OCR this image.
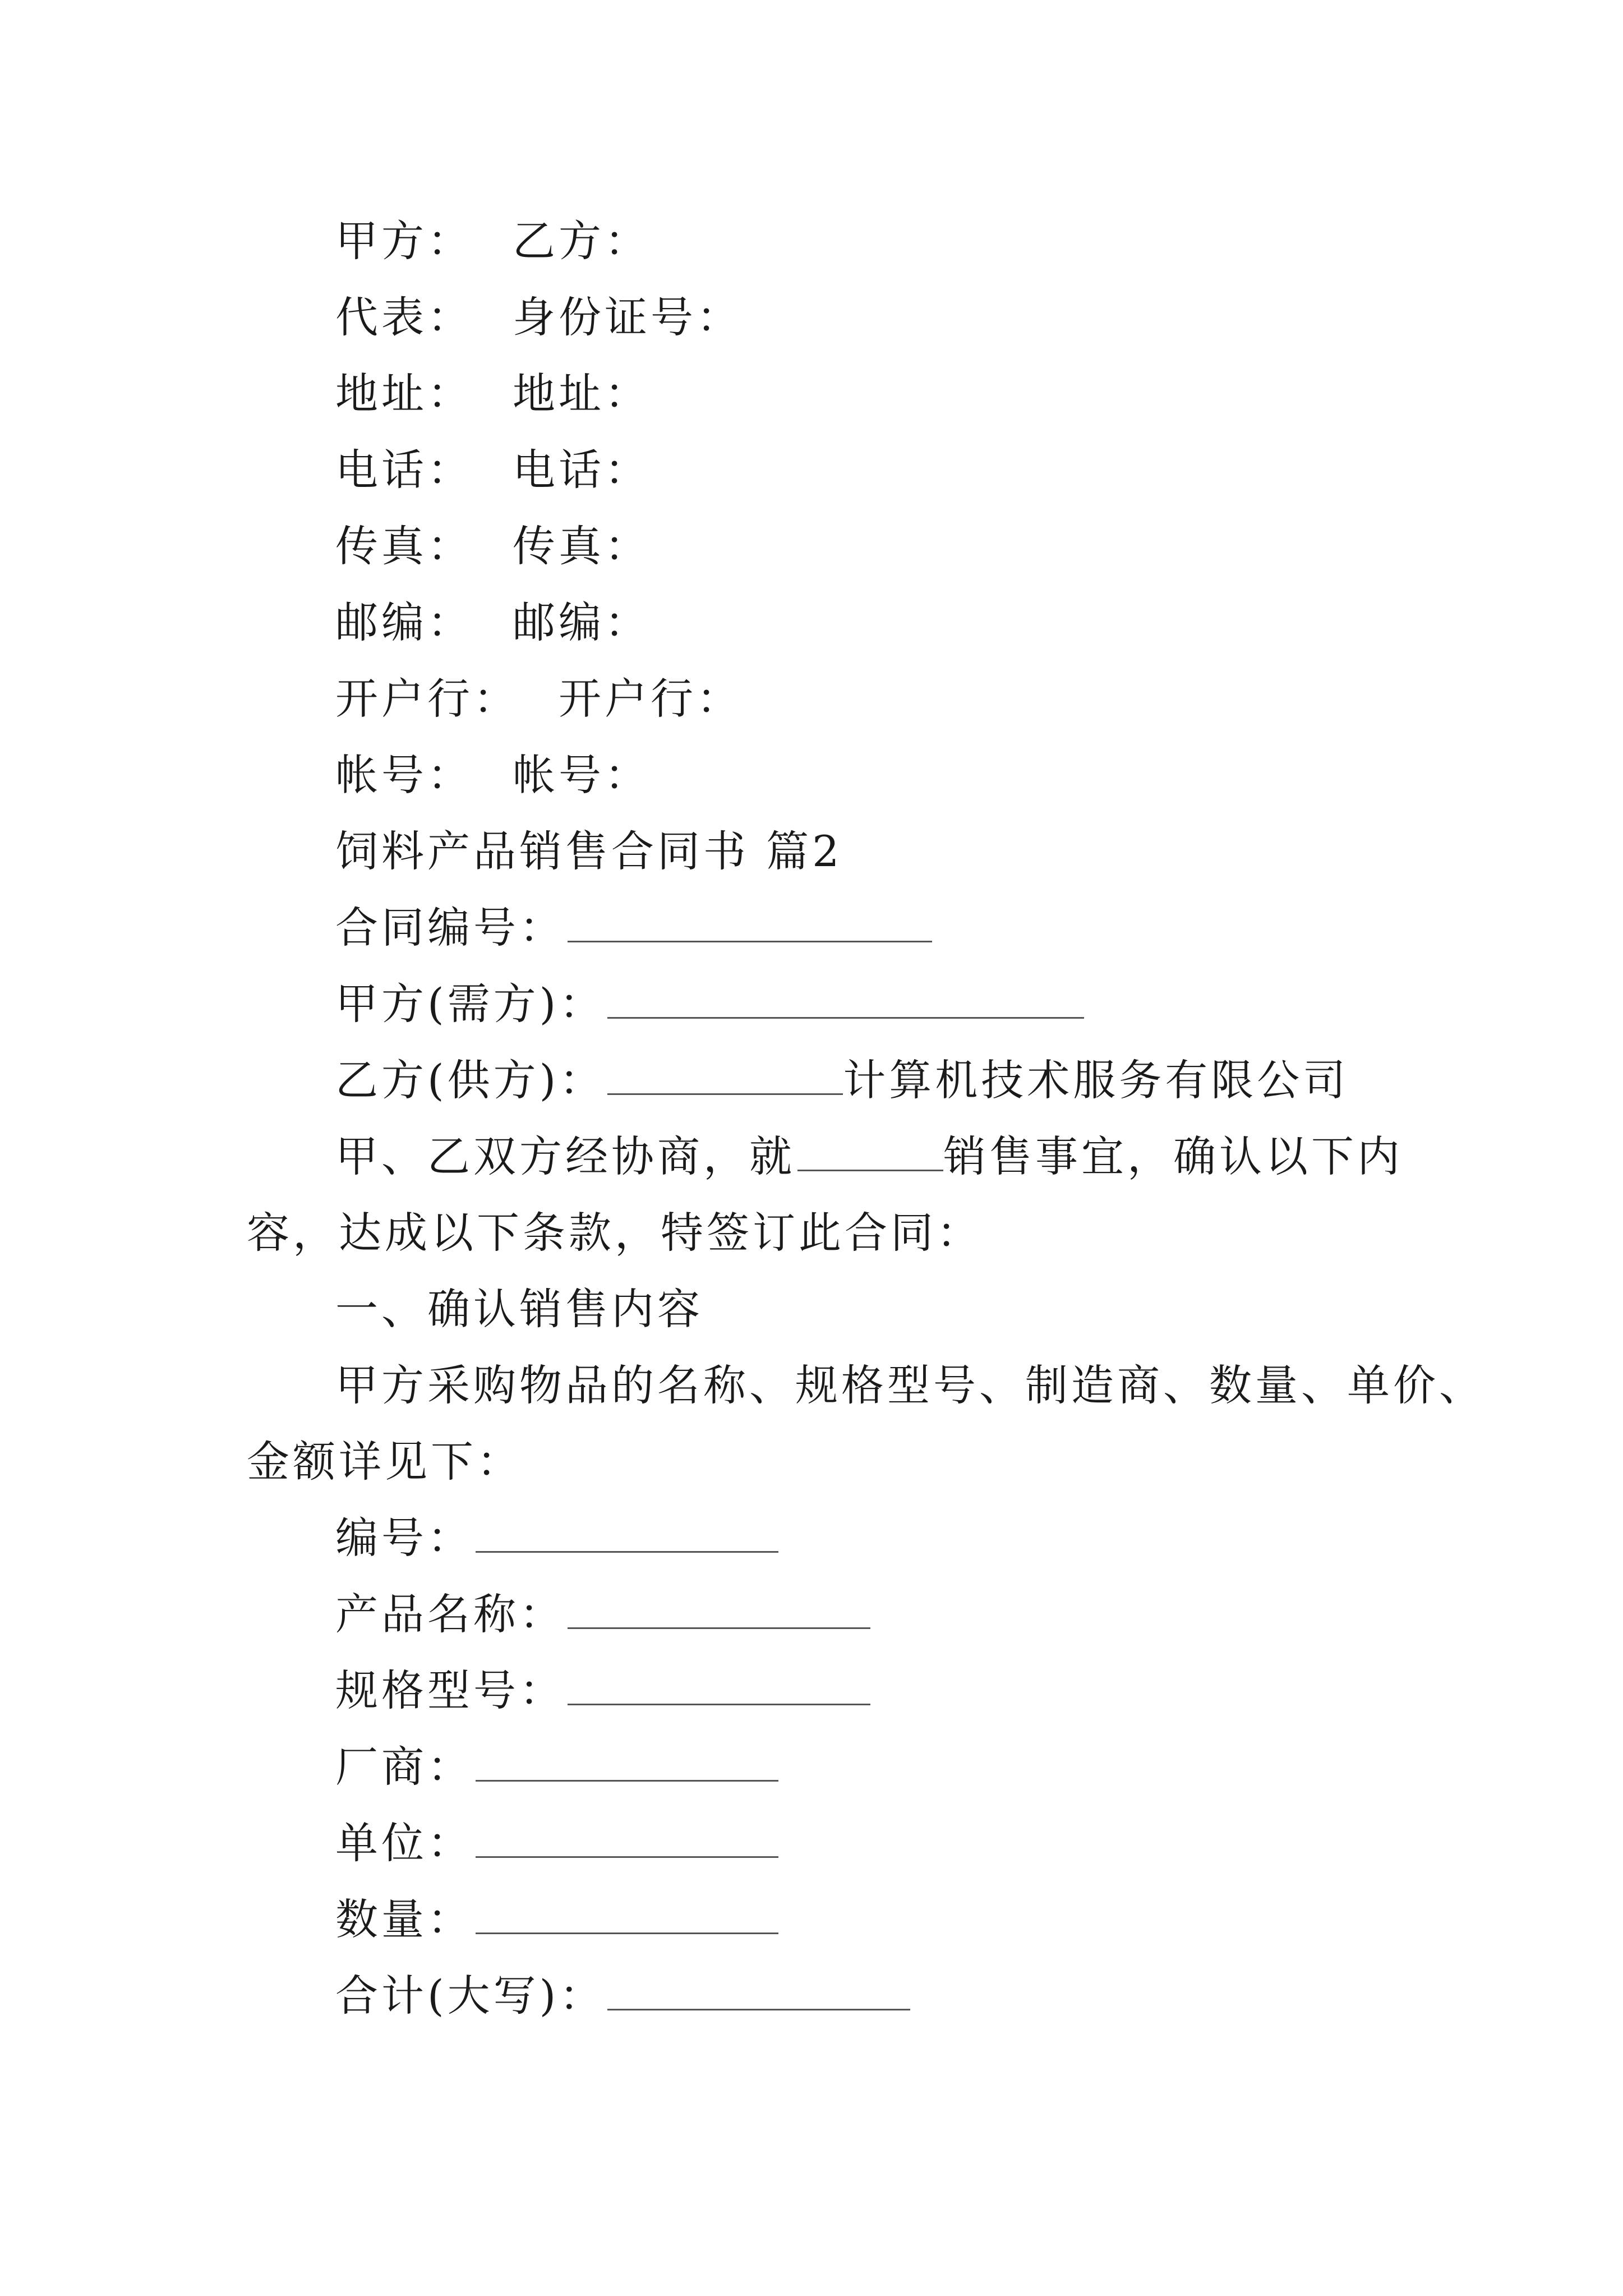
甲方： 乙方：
代表： 身份证号：
地址： 地址：
电话： 电话：
传真： 传真：
邮编： 邮编：
开户行： 开户行：
帐号： 帐号：
饲料产品销售合同书 篇2
合同编号：
甲方(需方)：
乙方(供方)：	计算机技术服务有限公司
甲、乙双方经协商，就	销售事宜，确认以下内
容，达成以下条款，特签订此合同：
一、确认销售内容
甲方采购物品的名称、规格型号、制造商、数量、单价、
金额详见下：
编号：
产品名称：
规格型号：
厂商：
单位：
数量：
合计(大写)：
